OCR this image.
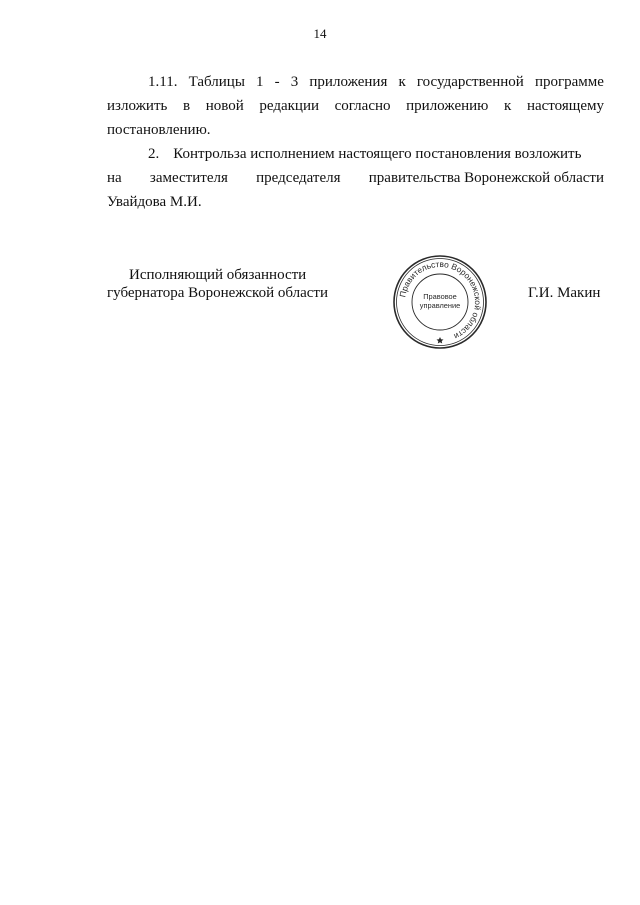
14
1.11. Таблицы 1 - 3 приложения к государственной программе
изложить в новой редакции согласно приложению к настоящему
постановлению.
2. Контроль за исполнением настоящего постановления возложить
на заместителя председателя правительства Воронежской области
Увайдова М.И.
Исполняющий обязанности
губернатора Воронежской области	Правительство Воронежской области
Правовое
управление
Г.И. Макин
